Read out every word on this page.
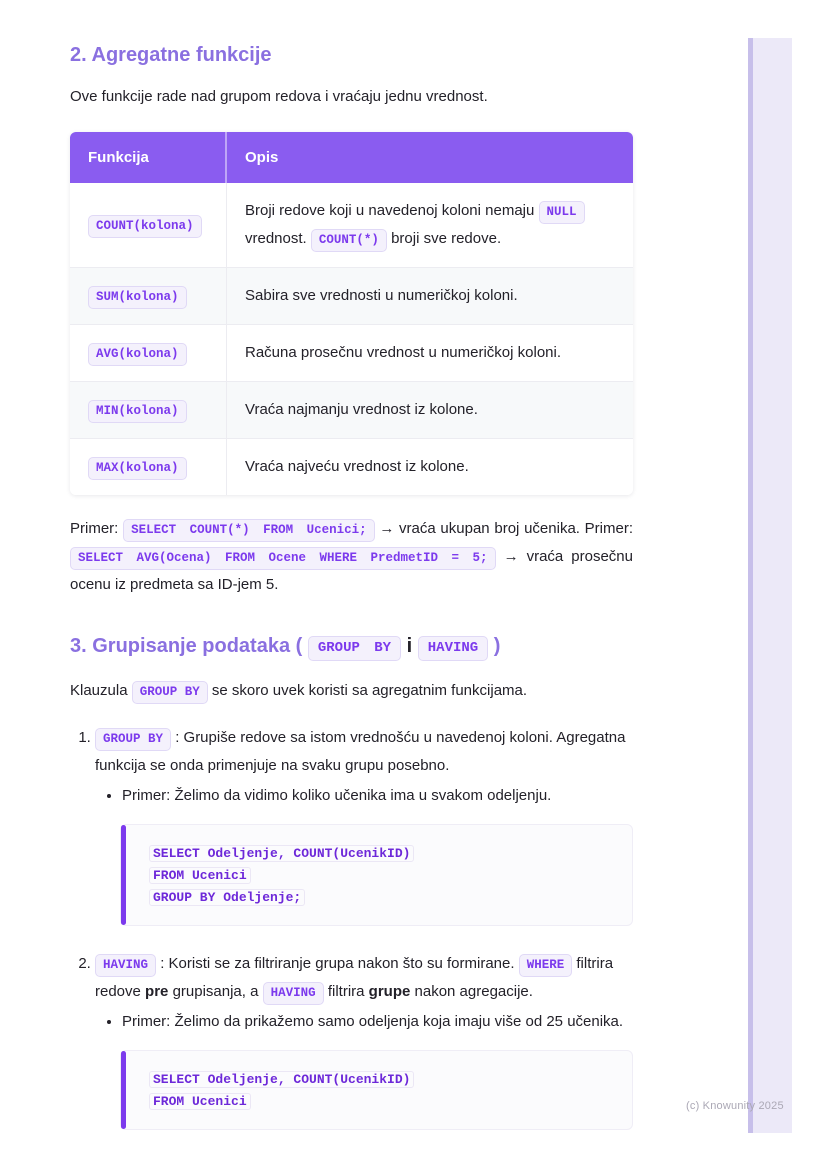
2. Agregatne funkcije

Ove funkcije rade nad grupom redova i vraćaju jednu vrednost.

Funkcija	Opis
COUNT(kolona)	Broji redove koji u navedenoj koloni nemaju NULL vrednost. COUNT(*) broji sve redove.
SUM(kolona)	Sabira sve vrednosti u numeričkoj koloni.
AVG(kolona)	Računa prosečnu vrednost u numeričkoj koloni.
MIN(kolona)	Vraća najmanju vrednost iz kolone.
MAX(kolona)	Vraća najveću vrednost iz kolone.

Primer: SELECT COUNT(*) FROM Ucenici; → vraća ukupan broj učenika. Primer: SELECT AVG(Ocena) FROM Ocene WHERE PredmetID = 5; → vraća prosečnu ocenu iz predmeta sa ID-jem 5.

3. Grupisanje podataka ( GROUP BY i HAVING )

Klauzula GROUP BY se skoro uvek koristi sa agregatnim funkcijama.

1. GROUP BY : Grupiše redove sa istom vrednošću u navedenoj koloni. Agregatna funkcija se onda primenjuje na svaku grupu posebno.
• Primer: Želimo da vidimo koliko učenika ima u svakom odeljenju.
SELECT Odeljenje, COUNT(UcenikID)
FROM Ucenici
GROUP BY Odeljenje;
2. HAVING : Koristi se za filtriranje grupa nakon što su formirane. WHERE filtrira redove pre grupisanja, a HAVING filtrira grupe nakon agregacije.
• Primer: Želimo da prikažemo samo odeljenja koja imaju više od 25 učenika.
SELECT Odeljenje, COUNT(UcenikID)
FROM Ucenici	(c) Knowunity 2025
